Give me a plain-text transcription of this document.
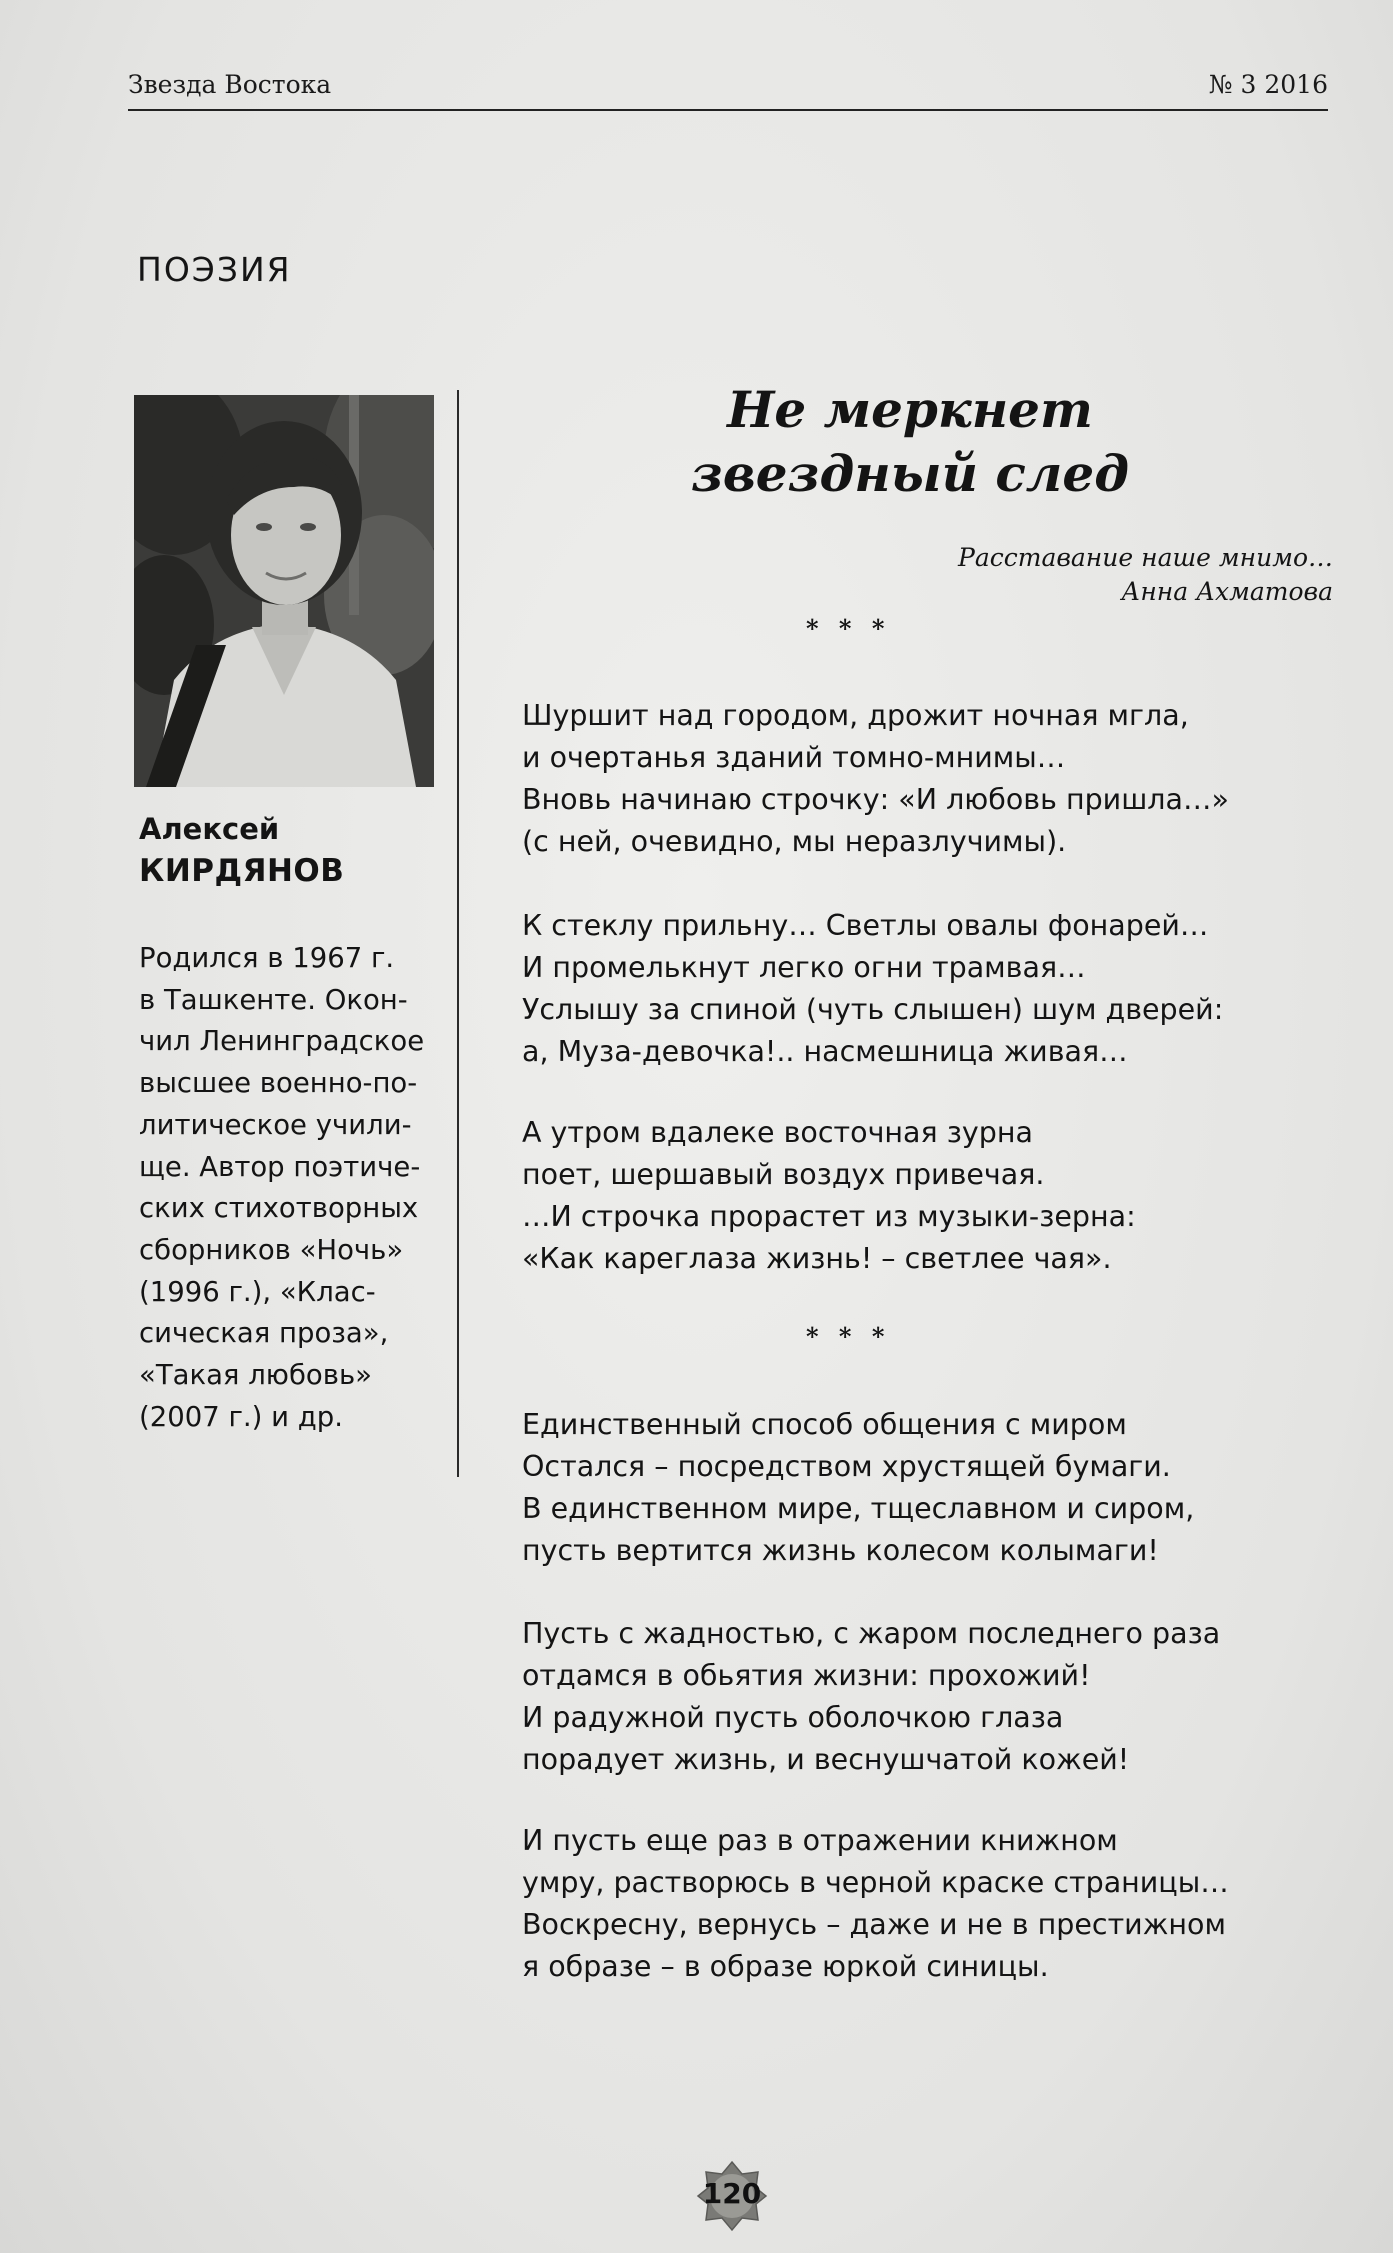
Звезда Востока	№ 3 2016
ПОЭЗИЯ
Алексей
КИРДЯНОВ
Родился в 1967 г.
в Ташкенте. Окон-
чил Ленинградское
высшее военно-по-
литическое учили-
ще. Автор поэтиче-
ских стихотворных
сборников «Ночь»
(1996 г.), «Клас-
сическая проза»,
«Такая любовь»
(2007 г.) и др.
Не меркнет
звездный след
Расставание наше мнимо…
Анна Ахматова
* * *
Шуршит над городом, дрожит ночная мгла,
и очертанья зданий томно-мнимы…
Вновь начинаю строчку: «И любовь пришла…»
(с ней, очевидно, мы неразлучимы).
К стеклу прильну… Светлы овалы фонарей…
И промелькнут легко огни трамвая…
Услышу за спиной (чуть слышен) шум дверей:
а, Муза-девочка!.. насмешница живая…
А утром вдалеке восточная зурна
поет, шершавый воздух привечая.
…И строчка прорастет из музыки-зерна:
«Как кареглаза жизнь! – светлее чая».
* * *
Единственный способ общения с миром
Остался – посредством хрустящей бумаги.
В единственном мире, тщеславном и сиром,
пусть вертится жизнь колесом колымаги!
Пусть с жадностью, с жаром последнего раза
отдамся в обьятия жизни: прохожий!
И радужной пусть оболочкою глаза
порадует жизнь, и веснушчатой кожей!
И пусть еще раз в отражении книжном
умру, растворюсь в черной краске страницы…
Воскресну, вернусь – даже и не в престижном
я образе – в образе юркой синицы.
120
